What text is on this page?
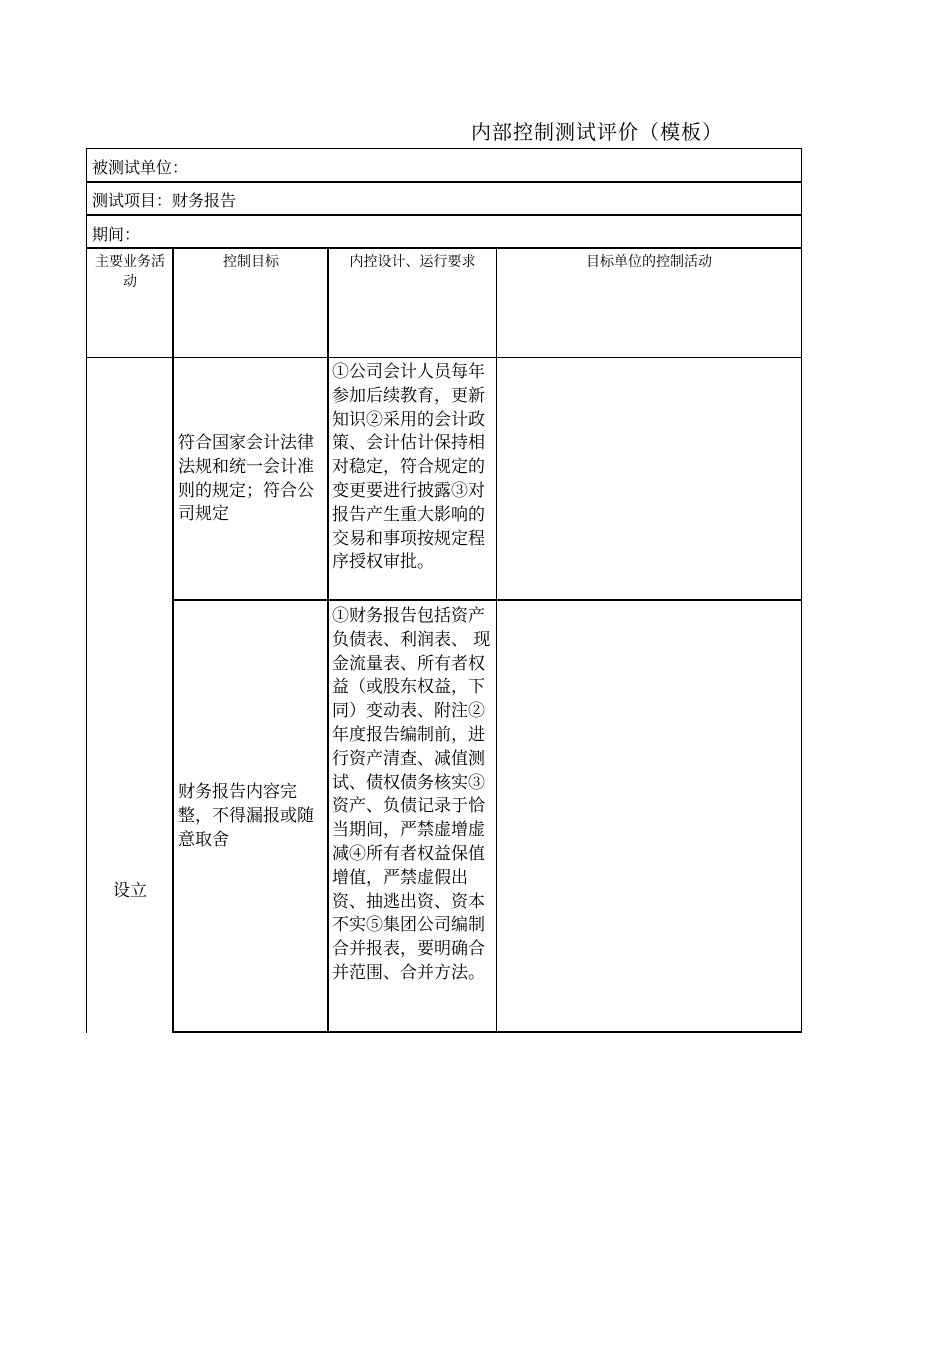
内部控制测试评价（模板）
被测试单位：
测试项目：财务报告
期间：
主要业务活动
控制目标	内控设计、运行要求	目标单位的控制活动
设立
符合国家会计法律法规和统一会计准则的规定；符合公司规定
①公司会计人员每年参加后续教育，更新知识②采用的会计政策、会计估计保持相对稳定，符合规定的变更要进行披露③对报告产生重大影响的交易和事项按规定程序授权审批。
财务报告内容完整，不得漏报或随意取舍
①财务报告包括资产负债表、利润表、 现金流量表、所有者权益（或股东权益，下同）变动表、附注②年度报告编制前，进行资产清查、减值测试、债权债务核实③资产、负债记录于恰当期间，严禁虚增虚减④所有者权益保值增值，严禁虚假出资、抽逃出资、资本不实⑤集团公司编制合并报表，要明确合并范围、合并方法。
